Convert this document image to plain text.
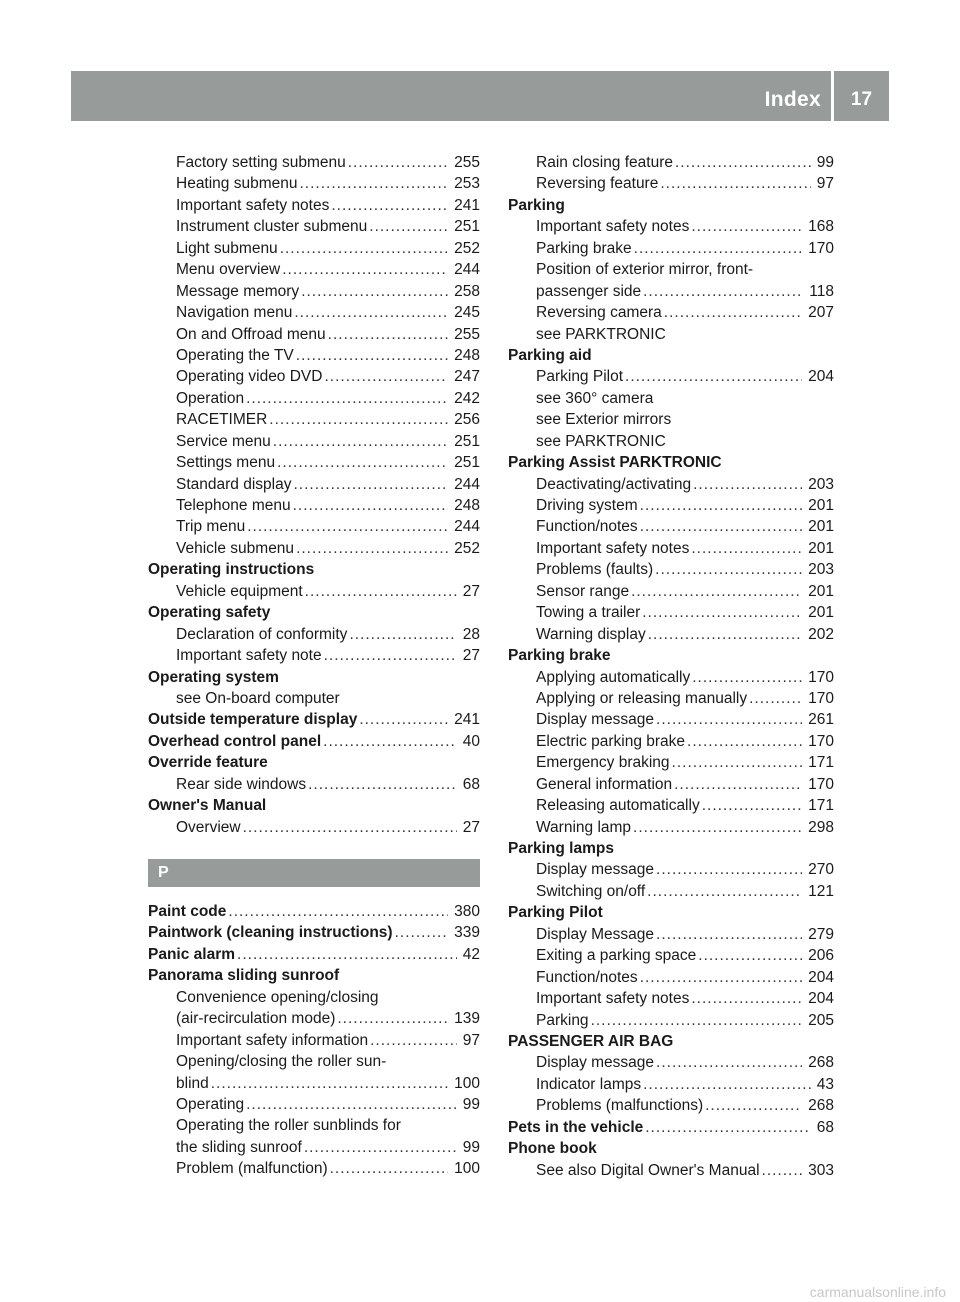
Index	17
Factory setting submenu .....	255
Heating submenu .....	253
Important safety notes .....	241
Instrument cluster submenu .....	251
Light submenu .....	252
Menu overview .....	244
Message memory .....	258
Navigation menu .....	245
On and Offroad menu .....	255
Operating the TV .....	248
Operating video DVD .....	247
Operation .....	242
RACETIMER .....	256
Service menu .....	251
Settings menu .....	251
Standard display .....	244
Telephone menu .....	248
Trip menu .....	244
Vehicle submenu .....	252
Operating instructions
Vehicle equipment .....	27
Operating safety
Declaration of conformity .....	28
Important safety note .....	27
Operating system
see On-board computer
Outside temperature display .....	241
Overhead control panel .....	40
Override feature
Rear side windows .....	68
Owner's Manual
Overview .....	27
P
Paint code .....	380
Paintwork (cleaning instructions) .....	339
Panic alarm .....	42
Panorama sliding sunroof
Convenience opening/closing
(air-recirculation mode) .....	139
Important safety information .....	97
Opening/closing the roller sun-
blind .....	100
Operating .....	99
Operating the roller sunblinds for
the sliding sunroof .....	99
Problem (malfunction) .....	100
Rain closing feature .....	99
Reversing feature .....	97
Parking
Important safety notes .....	168
Parking brake .....	170
Position of exterior mirror, front-
passenger side .....	118
Reversing camera .....	207
see PARKTRONIC
Parking aid
Parking Pilot .....	204
see 360° camera
see Exterior mirrors
see PARKTRONIC
Parking Assist PARKTRONIC
Deactivating/activating .....	203
Driving system .....	201
Function/notes .....	201
Important safety notes .....	201
Problems (faults) .....	203
Sensor range .....	201
Towing a trailer .....	201
Warning display .....	202
Parking brake
Applying automatically .....	170
Applying or releasing manually .....	170
Display message .....	261
Electric parking brake .....	170
Emergency braking .....	171
General information .....	170
Releasing automatically .....	171
Warning lamp .....	298
Parking lamps
Display message .....	270
Switching on/off .....	121
Parking Pilot
Display Message .....	279
Exiting a parking space .....	206
Function/notes .....	204
Important safety notes .....	204
Parking .....	205
PASSENGER AIR BAG
Display message .....	268
Indicator lamps .....	43
Problems (malfunctions) .....	268
Pets in the vehicle .....	68
Phone book
See also Digital Owner's Manual .....	303
carmanualsonline.info
